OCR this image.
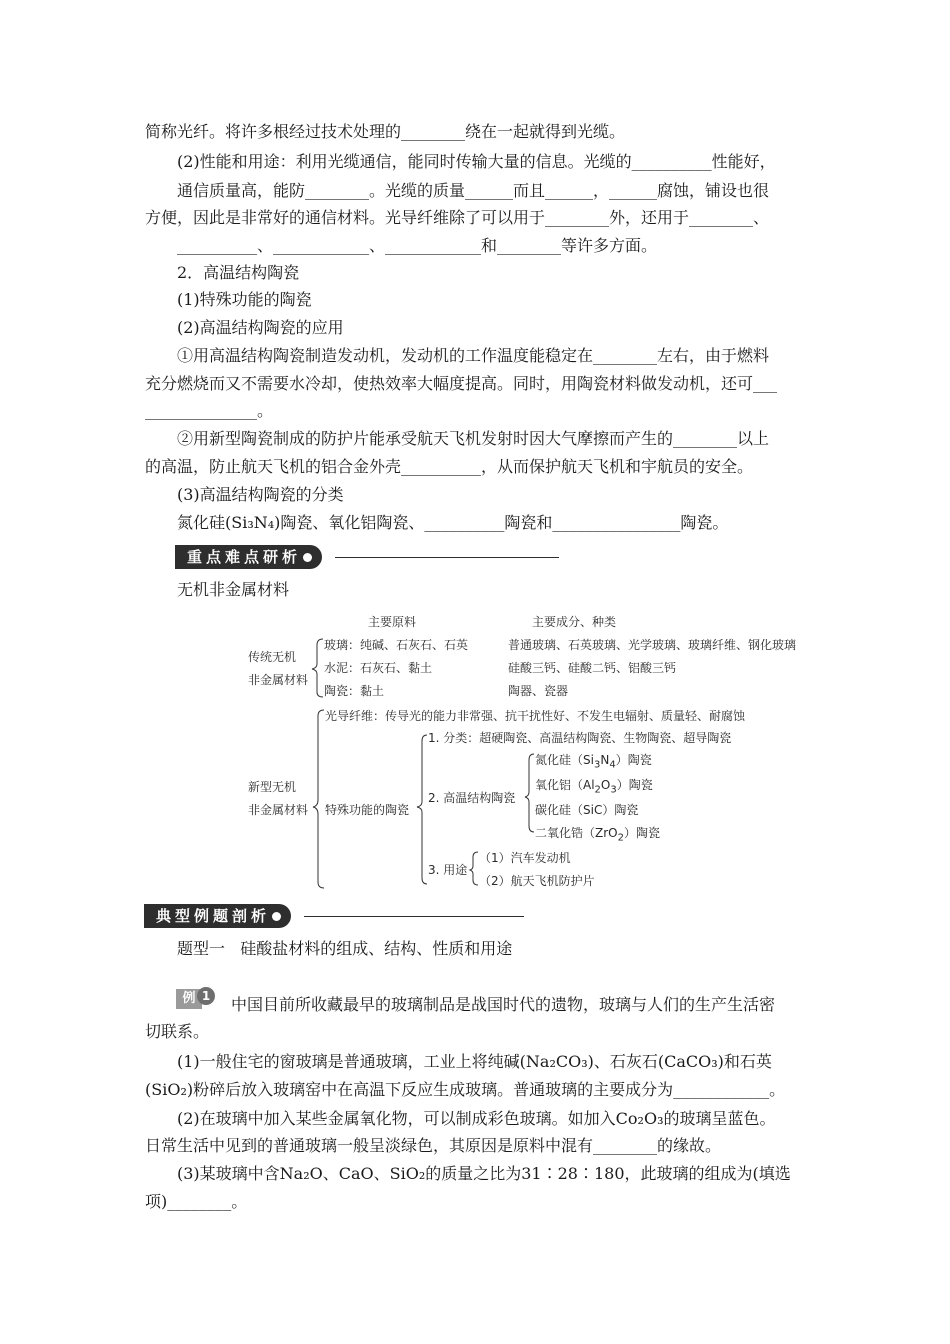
简称光纤。将许多根经过技术处理的________绕在一起就得到光缆。
(2)性能和用途：利用光缆通信，能同时传输大量的信息。光缆的__________性能好，
通信质量高，能防________。光缆的质量______而且______，______腐蚀，铺设也很
方便，因此是非常好的通信材料。光导纤维除了可以用于________外，还用于________、
__________、____________、____________和________等许多方面。
2．高温结构陶瓷
(1)特殊功能的陶瓷
(2)高温结构陶瓷的应用
①用高温结构陶瓷制造发动机，发动机的工作温度能稳定在________左右，由于燃料
充分燃烧而又不需要水冷却，使热效率大幅度提高。同时，用陶瓷材料做发动机，还可___
______________。
②用新型陶瓷制成的防护片能承受航天飞机发射时因大气摩擦而产生的________以上
的高温，防止航天飞机的铝合金外壳__________，从而保护航天飞机和宇航员的安全。
(3)高温结构陶瓷的分类
氮化硅(Si₃N₄)陶瓷、氧化铝陶瓷、__________陶瓷和________________陶瓷。
重点难点研析
无机非金属材料
主要原料	主要成分、种类
传统无机
非金属材料
玻璃：纯碱、石灰石、石英
水泥：石灰石、黏土
陶瓷：黏土
普通玻璃、石英玻璃、光学玻璃、玻璃纤维、钢化玻璃
硅酸三钙、硅酸二钙、铝酸三钙
陶器、瓷器
光导纤维：传导光的能力非常强、抗干扰性好、不发生电辐射、质量轻、耐腐蚀
新型无机
非金属材料 特殊功能的陶瓷
1. 分类：超硬陶瓷、高温结构陶瓷、生物陶瓷、超导陶瓷
2. 高温结构陶瓷
氮化硅$(Si_3N_4)$陶瓷
氧化铝$(Al_2O_3)$陶瓷
碳化硅（SiC）陶瓷
二氧化锆（ZrO$_2$）陶瓷
3. 用途
（1）汽车发动机
（2）航天飞机防护片
典型例题剖析
题型一   硅酸盐材料的组成、结构、性质和用途
例 1	中国目前所收藏最早的玻璃制品是战国时代的遗物，玻璃与人们的生产生活密
切联系。
(1)一般住宅的窗玻璃是普通玻璃，工业上将纯碱(Na₂CO₃)、石灰石(CaCO₃)和石英
(SiO₂)粉碎后放入玻璃窑中在高温下反应生成玻璃。普通玻璃的主要成分为____________。
(2)在玻璃中加入某些金属氧化物，可以制成彩色玻璃。如加入Co₂O₃的玻璃呈蓝色。
日常生活中见到的普通玻璃一般呈淡绿色，其原因是原料中混有________的缘故。
(3)某玻璃中含Na₂O、CaO、SiO₂的质量之比为31∶28∶180，此玻璃的组成为(填选
项)________。
